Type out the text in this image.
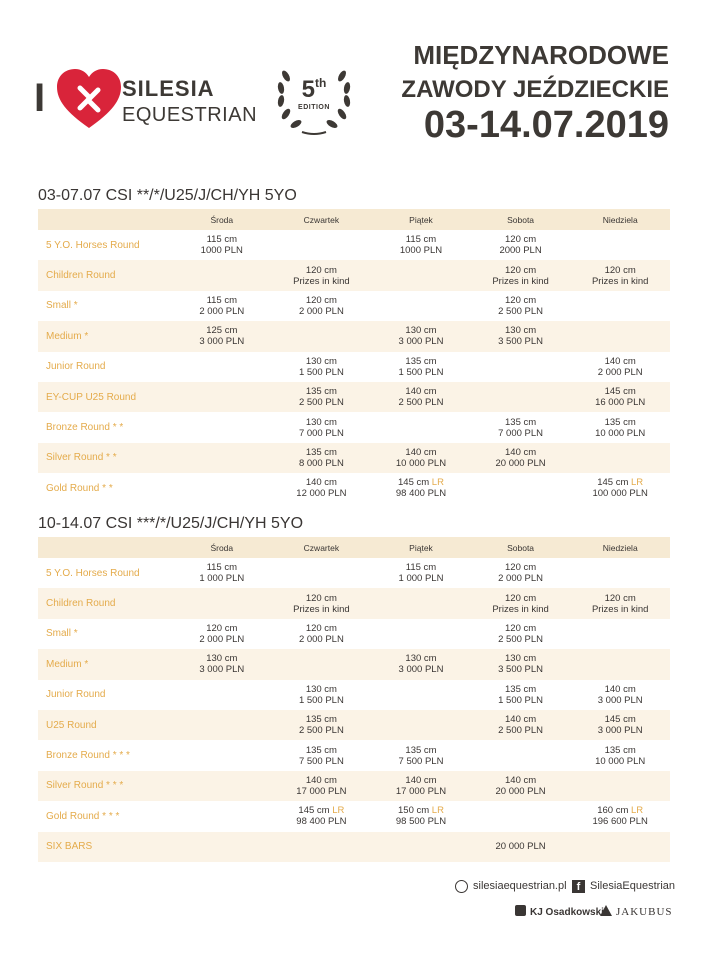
I	SILESIA
EQUESTRIAN
5th
EDITION
MIĘDZYNARODOWE
ZAWODY JEŹDZIECKIE
03-14.07.2019
03-07.07 CSI **/*/U25/J/CH/YH 5YO
	Środa	Czwartek	Piątek	Sobota	Niedziela
5 Y.O. Horses Round	115 cm
1000 PLN		115 cm
1000 PLN	120 cm
2000 PLN	

Children Round		120 cm
Prizes in kind		120 cm
Prizes in kind	120 cm
Prizes in kind

Small *	115 cm
2 000 PLN	120 cm
2 000 PLN		120 cm
2 500 PLN	

Medium *	125 cm
3 000 PLN		130 cm
3 000 PLN	130 cm
3 500 PLN	

Junior Round		130 cm
1 500 PLN	135 cm
1 500 PLN		140 cm
2 000 PLN

EY-CUP U25 Round		135 cm
2 500 PLN	140 cm
2 500 PLN		145 cm
16 000 PLN

Bronze Round * *		130 cm
7 000 PLN		135 cm
7 000 PLN	135 cm
10 000 PLN

Silver Round * *		135 cm
8 000 PLN	140 cm
10 000 PLN	140 cm
20 000 PLN	

Gold Round * *		140 cm
12 000 PLN	145 cm LR
98 400 PLN		145 cm LR
100 000 PLN
10-14.07 CSI ***/*/U25/J/CH/YH 5YO
	Środa	Czwartek	Piątek	Sobota	Niedziela
5 Y.O. Horses Round	115 cm
1 000 PLN		115 cm
1 000 PLN	120 cm
2 000 PLN	

Children Round		120 cm
Prizes in kind		120 cm
Prizes in kind	120 cm
Prizes in kind

Small *	120 cm
2 000 PLN	120 cm
2 000 PLN		120 cm
2 500 PLN	

Medium *	130 cm
3 000 PLN		130 cm
3 000 PLN	130 cm
3 500 PLN	

Junior Round		130 cm
1 500 PLN		135 cm
1 500 PLN	140 cm
3 000 PLN

U25 Round		135 cm
2 500 PLN		140 cm
2 500 PLN	145 cm
3 000 PLN

Bronze Round * * *		135 cm
7 500 PLN	135 cm
7 500 PLN		135 cm
10 000 PLN

Silver Round * * *		140 cm
17 000 PLN	140 cm
17 000 PLN	140 cm
20 000 PLN	

Gold Round * * *		145 cm LR
98 400 PLN	150 cm LR
98 500 PLN		160 cm LR
196 600 PLN

SIX BARS				20 000 PLN	

silesiaequestrian.pl f SilesiaEquestrian
KJ Osadkowski	JAKUBUS
